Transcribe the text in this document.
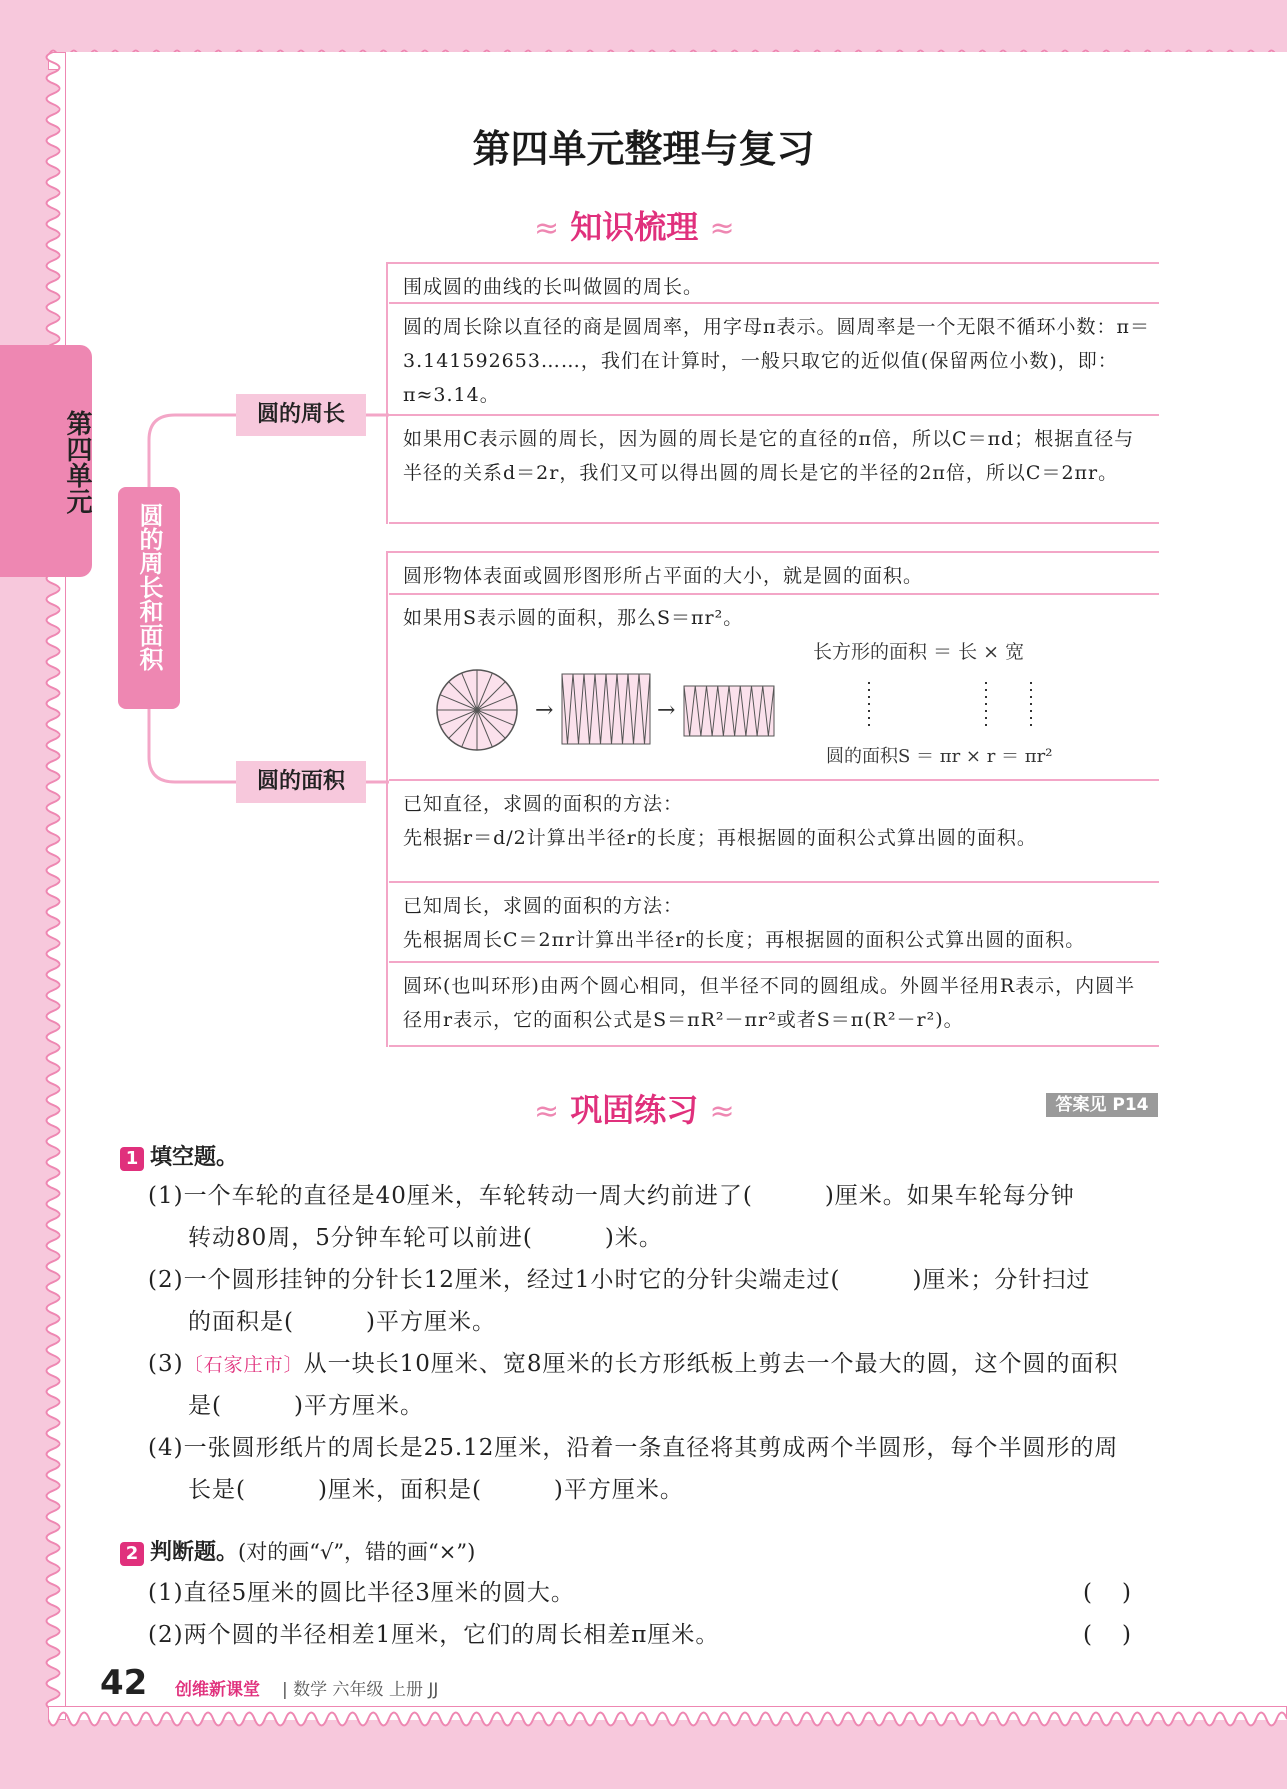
第四单元
第四单元整理与复习
≈ 知识梳理 ≈
圆的周长和面积
圆的周长
圆的面积
围成圆的曲线的长叫做圆的周长。
圆的周长除以直径的商是圆周率，用字母π表示。圆周率是一个无限不循环小数：π＝3.141592653……，我们在计算时，一般只取它的近似值(保留两位小数)，即：π≈3.14。
如果用C表示圆的周长，因为圆的周长是它的直径的π倍，所以C＝πd；根据直径与半径的关系d＝2r，我们又可以得出圆的周长是它的半径的2π倍，所以C＝2πr。
圆形物体表面或圆形图形所占平面的大小，就是圆的面积。
如果用S表示圆的面积，那么S＝πr²。
→	→
长方形的面积 ＝ 长 × 宽
圆的面积S ＝ πr × r ＝ πr²
已知直径，求圆的面积的方法：
先根据r＝d/2计算出半径r的长度；再根据圆的面积公式算出圆的面积。
已知周长，求圆的面积的方法：
先根据周长C＝2πr计算出半径r的长度；再根据圆的面积公式算出圆的面积。
圆环(也叫环形)由两个圆心相同，但半径不同的圆组成。外圆半径用R表示，内圆半径用r表示，它的面积公式是S＝πR²－πr²或者S＝π(R²－r²)。
≈ 巩固练习 ≈	答案见 P14
1 填空题。
(1)一个车轮的直径是40厘米，车轮转动一周大约前进了(　　　)厘米。如果车轮每分钟
转动80周，5分钟车轮可以前进(　　　)米。
(2)一个圆形挂钟的分针长12厘米，经过1小时它的分针尖端走过(　　　)厘米；分针扫过
的面积是(　　　)平方厘米。
(3)〔石家庄市〕从一块长10厘米、宽8厘米的长方形纸板上剪去一个最大的圆，这个圆的面积
是(　　　)平方厘米。
(4)一张圆形纸片的周长是25.12厘米，沿着一条直径将其剪成两个半圆形，每个半圆形的周
长是(　　　)厘米，面积是(　　　)平方厘米。
2 判断题。(对的画“√”，错的画“×”)
(1)直径5厘米的圆比半径3厘米的圆大。	()
(2)两个圆的半径相差1厘米，它们的周长相差π厘米。	()
42 创维新课堂 | 数学 六年级 上册 JJ
